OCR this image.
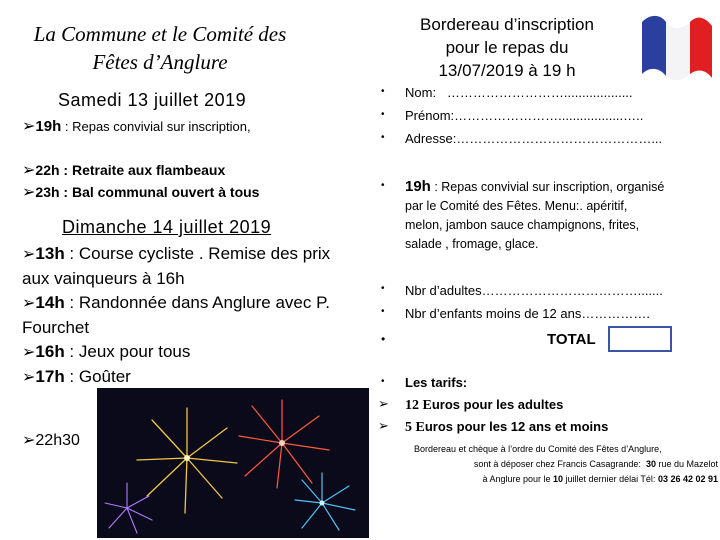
La Commune et le Comité des
Fêtes d’Anglure
Samedi 13 juillet 2019
➢19h : Repas convivial sur inscription,
➢22h : Retraite aux flambeaux
➢23h : Bal communal ouvert à tous
Dimanche 14 juillet 2019
➢13h : Course cycliste . Remise des prix
aux vainqueurs à 16h
➢14h : Randonnée dans Anglure avec P.
Fourchet
➢16h : Jeux pour tous
➢17h : Goûter
➢22h30
Bordereau d’inscription
pour le repas du
13/07/2019 à 19 h
•
•
•
•
•
•
•
•
➢
➢
Nom: ………………………...................
Prénom:……………………..................…..
Adresse:………………………………………...
19h : Repas convivial sur inscription, organisé
par le Comité des Fêtes. Menu:. apéritif,
melon, jambon sauce champignons, frites,
salade , fromage, glace.
Nbr d’adultes……………………………….......
Nbr d’enfants moins de 12 ans…………….
TOTAL
Les tarifs:
12 Euros pour les adultes
5 Euros pour les 12 ans et moins
Bordereau et chèque à l’ordre du Comité des Fêtes d’Anglure,
sont à déposer chez Francis Casagrande: 30 rue du Mazelot
à Anglure pour le 10 juillet dernier délai Tél: 03 26 42 02 91
